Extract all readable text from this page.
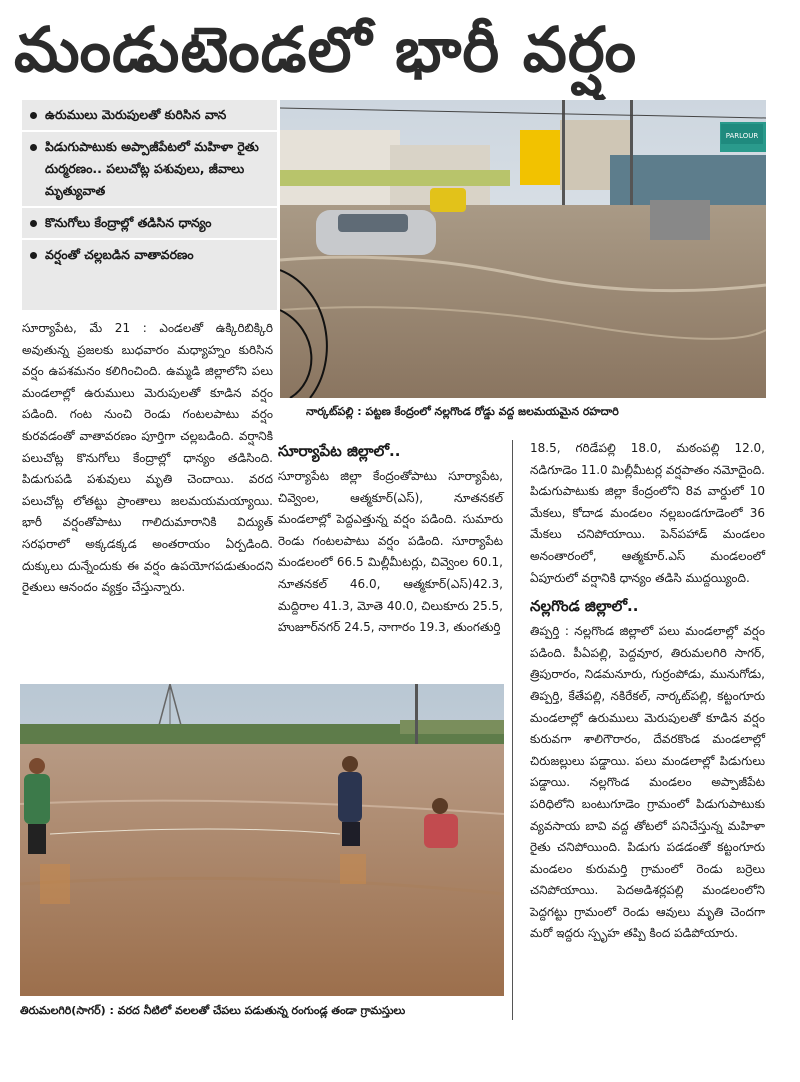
మండుటెండలో భారీ వర్షం
ఉరుములు మెరుపులతో కురిసిన వాన
పిడుగుపాటుకు అప్పాజీపేటలో మహిళా రైతు దుర్మరణం.. పలుచోట్ల పశువులు, జీవాలు మృత్యువాత
కొనుగోలు కేంద్రాల్లో తడిసిన ధాన్యం
వర్షంతో చల్లబడిన వాతావరణం
PARLOUR
నార్కట్‌పల్లి : పట్టణ కేంద్రంలో నల్లగొండ రోడ్డు వద్ద జలమయమైన రహదారి

సూర్యాపేట, మే 21 : ఎండలతో ఉక్కిరిబిక్కిరి అవుతున్న ప్రజలకు బుధవారం మధ్యాహ్నం కురిసిన వర్షం ఉపశమనం కలిగించింది. ఉమ్మడి జిల్లాలోని పలు మండలాల్లో ఉరుములు మెరుపులతో కూడిన వర్షం పడింది. గంట నుంచి రెండు గంటలపాటు వర్షం కురవడంతో వాతావరణం పూర్తిగా చల్లబడింది. వర్షానికి పలుచోట్ల కొనుగోలు కేంద్రాల్లో ధాన్యం తడిసింది. పిడుగుపడి పశువులు మృతి చెందాయి. వరద పలుచోట్ల లోతట్టు ప్రాంతాలు జలమయమయ్యాయి. భారీ వర్షంతోపాటు గాలిదుమారానికి విద్యుత్ సరఫరాలో అక్కడక్కడ అంతరాయం ఏర్పడింది. దుక్కులు దున్నేందుకు ఈ వర్షం ఉపయోగపడుతుందని రైతులు ఆనందం వ్యక్తం చేస్తున్నారు.

సూర్యాపేట జిల్లాలో..

సూర్యాపేట జిల్లా కేంద్రంతోపాటు సూర్యాపేట, చివ్వెంల, ఆత్మకూర్(ఎస్), నూతనకల్ మండలాల్లో పెద్దఎత్తున్న వర్షం పడింది. సుమారు రెండు గంటలపాటు వర్షం పడింది. సూర్యాపేట మండలంలో 66.5 మిల్లీమీటర్లు, చివ్వెంల 60.1, నూతనకల్ 46.0, ఆత్మకూర్(ఎస్)42.3, మద్దిరాల 41.3, మోతె 40.0, చిలుకూరు 25.5, హుజూర్‌నగర్ 24.5, నాగారం 19.3, తుంగతుర్తి

18.5, గరిడేపల్లి 18.0, మఠంపల్లి 12.0, నడిగూడెం 11.0 మిల్లీమీటర్ల వర్షపాతం నమోదైంది. పిడుగుపాటుకు జిల్లా కేంద్రంలోని 8వ వార్డులో 10 మేకలు, కోదాడ మండలం నల్లబండగూడెంలో 36 మేకలు చనిపోయాయి. పెన్‌పహాడ్ మండలం అనంతారంలో, ఆత్మకూర్.ఎస్ మండలంలో ఏపూరులో వర్షానికి ధాన్యం తడిసి ముద్దయ్యింది.

నల్లగొండ జిల్లాలో..

తిప్పర్తి : నల్లగొండ జిల్లాలో పలు మండలాల్లో వర్షం పడింది. పీఏపల్లి, పెద్దవూర, తిరుమలగిరి సాగర్, త్రిపురారం, నిడమనూరు, గుర్రంపోడు, మునుగోడు, తిప్పర్తి, కేతేపల్లి, నకిరేకల్, నార్కట్‌పల్లి, కట్టంగూరు మండలాల్లో ఉరుములు మెరుపులతో కూడిన వర్షం కురువగా శాలిగౌరారం, దేవరకొండ మండలాల్లో చిరుజల్లులు పడ్డాయి. పలు మండలాల్లో పిడుగులు పడ్డాయి. నల్లగొండ మండలం అప్పాజీపేట పరిధిలోని బంటుగూడెం గ్రామంలో పిడుగుపాటుకు వ్యవసాయ బావి వద్ద తోటలో పనిచేస్తున్న మహిళా రైతు చనిపోయింది. పిడుగు పడడంతో కట్టంగూరు మండలం కురుమర్తి గ్రామంలో రెండు బర్రెలు చనిపోయాయి. పెదఅడిశర్లపల్లి మండలంలోని పెద్దగట్టు గ్రామంలో రెండు ఆవులు మృతి చెందగా మరో ఇద్దరు స్పృహ తప్పి కింద పడిపోయారు.

తిరుమలగిరి(సాగర్) : వరద నీటిలో వలలతో చేపలు పడుతున్న రంగుండ్ల తండా గ్రామస్తులు
